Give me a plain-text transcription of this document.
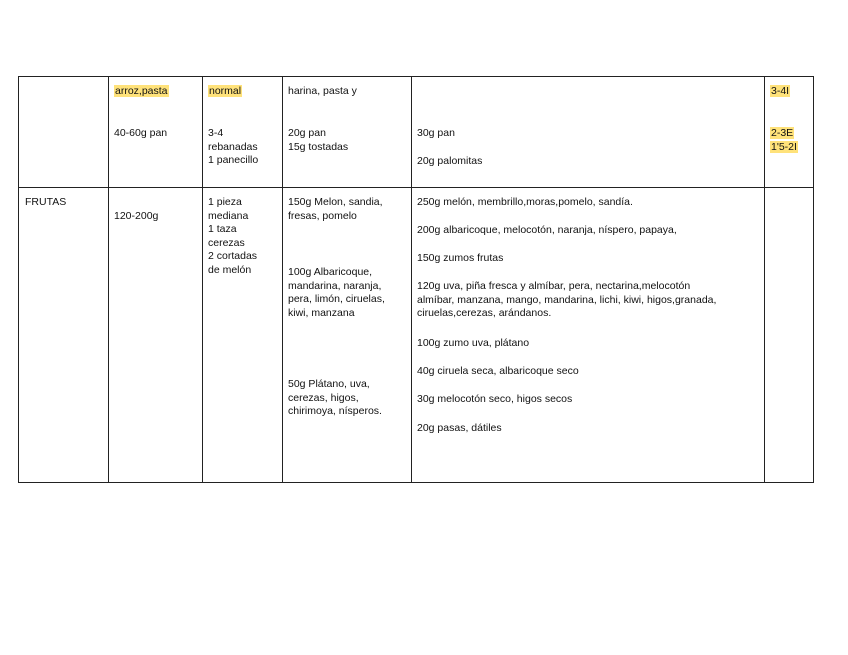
arroz,pasta
40-60g pan
normal
3-4
rebanadas
1 panecillo
harina, pasta y
20g pan
15g tostadas
30g pan
20g palomitas
3-4I
2-3E
1'5-2I
FRUTAS
120-200g
1 pieza
mediana
1 taza
cerezas
2 cortadas
de melón
150g Melon, sandia,
fresas, pomelo
100g Albaricoque,
mandarina, naranja,
pera, limón, ciruelas,
kiwi, manzana
50g Plátano, uva,
cerezas, higos,
chirimoya, nísperos.
250g melón, membrillo,moras,pomelo, sandía.
200g albaricoque, melocotón, naranja, níspero, papaya,
150g zumos frutas
120g uva, piña fresca y almíbar, pera, nectarina,melocotón
almíbar, manzana, mango, mandarina, lichi, kiwi, higos,granada,
ciruelas,cerezas, arándanos.
100g zumo uva, plátano
40g ciruela seca, albaricoque seco
30g melocotón seco, higos secos
20g pasas, dátiles
